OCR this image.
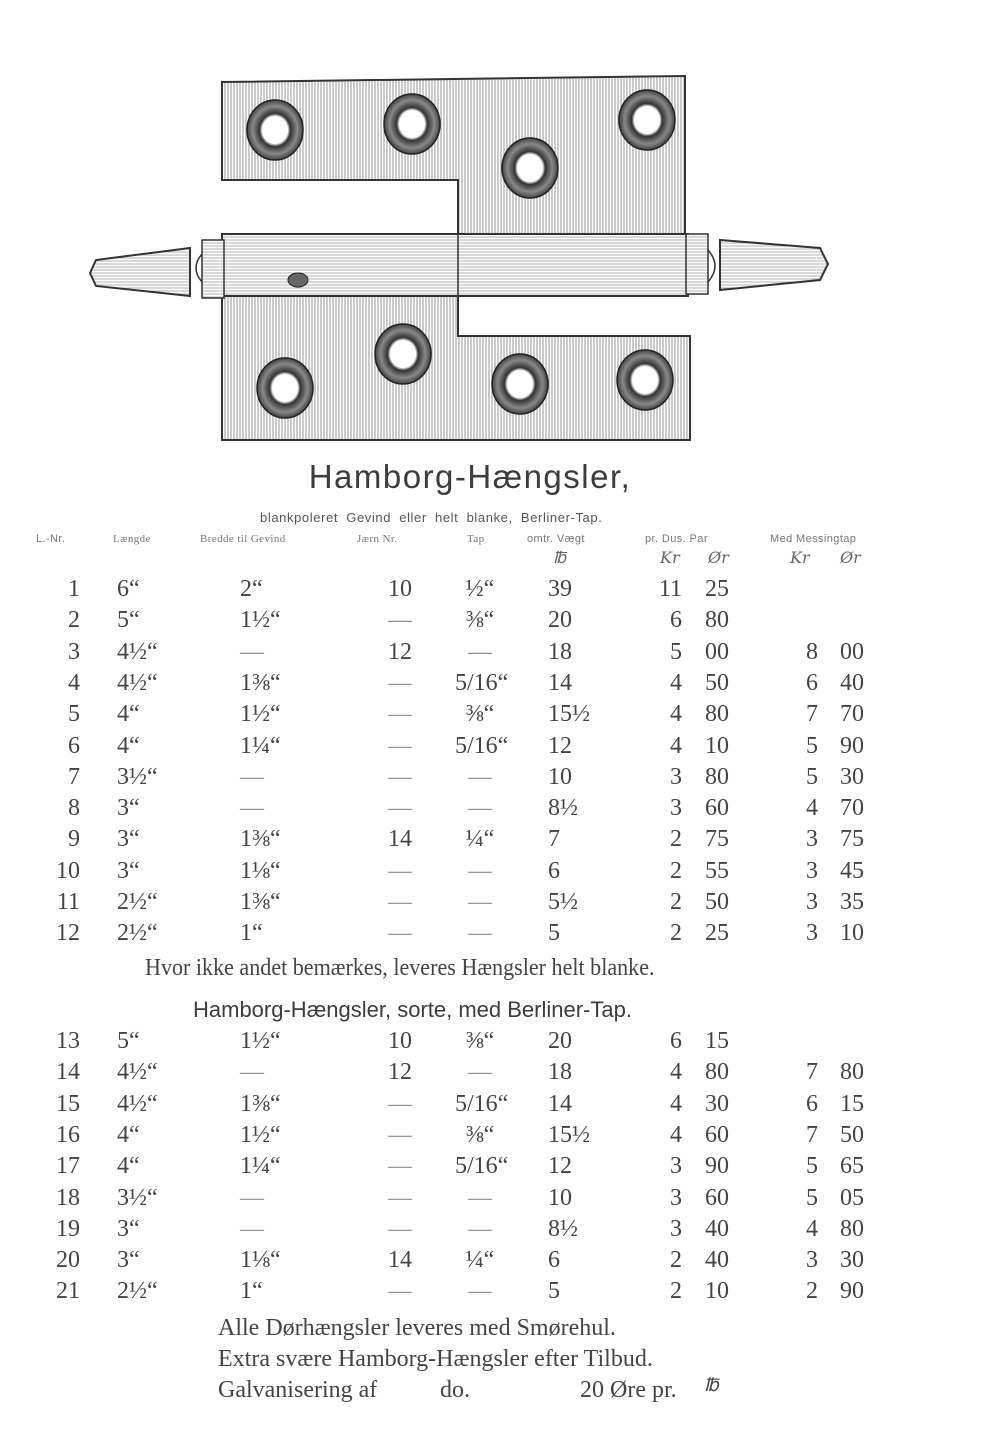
Hamborg-Hængsler,
blankpoleret Gevind eller helt blanke, Berliner-Tap.
L.-Nr.	Længde	Bredde til Gevind	Jærn Nr.	Tap	omtr. Vægt	pr. Dus. Par	Med Messingtap
℔	Kr Ør	Kr Ør
1 6“	2“	10	½“	39	11 25
2 5“	1½“	—	⅜“	20	6 80
3 4½“	—	12	—	18	5 00	8 00
4 4½“	1⅜“	—	5/16“ 14	4 50	6 40
5 4“	1½“	—	⅜“	15½	4 80	7 70
6 4“	1¼“	—	5/16“ 12	4 10	5 90
7 3½“	—	—	—	10	3 80	5 30
8 3“	—	—	—	8½	3 60	4 70
9 3“	1⅜“	14	¼“	7	2 75	3 75
10 3“	1⅛“	—	—	6	2 55	3 45
11 2½“	1⅜“	—	—	5½	2 50	3 35
12 2½“	1“	—	—	5	2 25	3 10
Hvor ikke andet bemærkes, leveres Hængsler helt blanke.
Hamborg-Hængsler, sorte, med Berliner-Tap.
13 5“	1½“	10	⅜“	20	6 15
14 4½“	—	12	—	18	4 80	7 80
15 4½“	1⅜“	—	5/16“ 14	4 30	6 15
16 4“	1½“	—	⅜“	15½	4 60	7 50
17 4“	1¼“	—	5/16“ 12	3 90	5 65
18 3½“	—	—	—	10	3 60	5 05
19 3“	—	—	—	8½	3 40	4 80
20 3“	1⅛“	14	¼“	6	2 40	3 30
21 2½“	1“	—	—	5	2 10	2 90
Alle Dørhængsler leveres med Smørehul.
Extra svære Hamborg-Hængsler efter Tilbud.
Galvanisering af	do.	20 Øre pr. ℔
